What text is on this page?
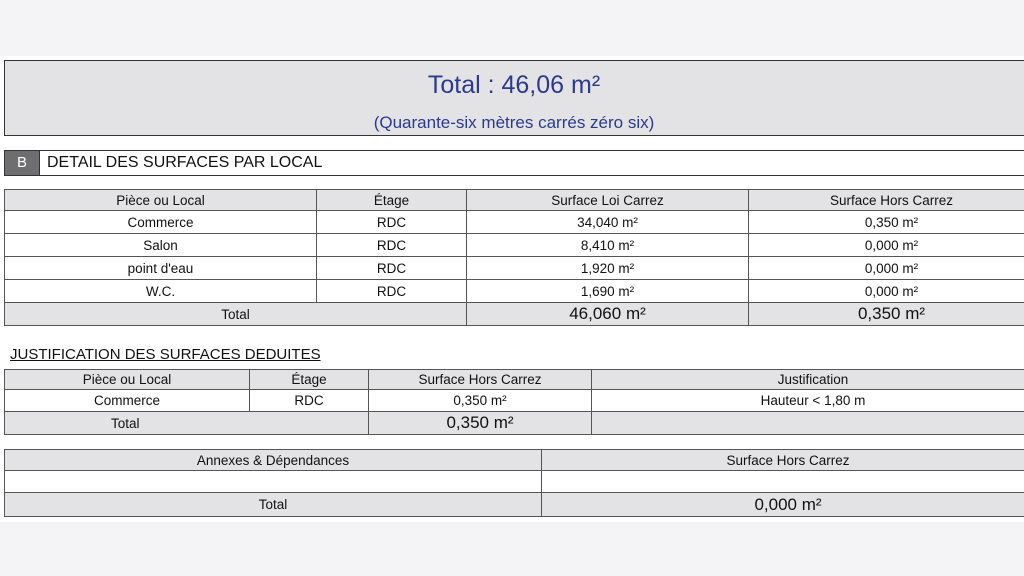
Total : 46,06 m²
(Quarante-six mètres carrés zéro six)
B	DETAIL DES SURFACES PAR LOCAL
Pièce ou Local	Étage	Surface Loi Carrez	Surface Hors Carrez
Commerce	RDC	34,040 m²	0,350 m²
Salon	RDC	8,410 m²	0,000 m²
point d'eau	RDC	1,920 m²	0,000 m²
W.C.	RDC	1,690 m²	0,000 m²
Total		46,060 m²	0,350 m²
JUSTIFICATION DES SURFACES DEDUITES
Pièce ou Local	Étage	Surface Hors Carrez	Justification
Commerce	RDC	0,350 m²	Hauteur < 1,80 m
Total		0,350 m²	
Annexes & Dépendances	Surface Hors Carrez

Total	0,000 m²
